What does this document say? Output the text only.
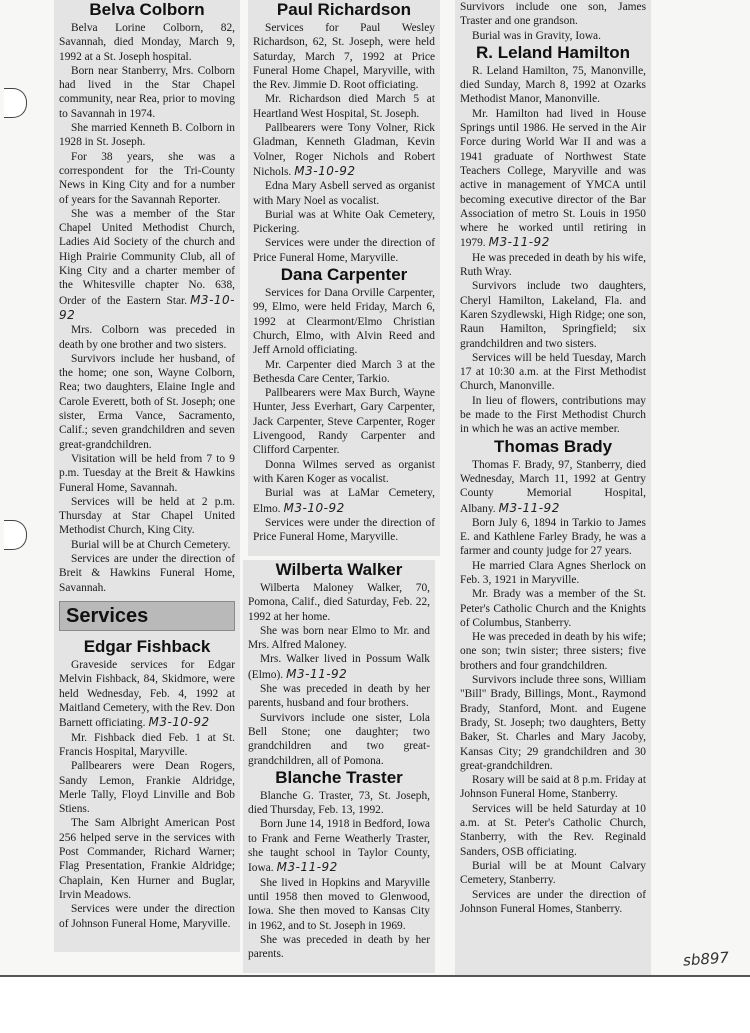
Belva Colborn

Belva Lorine Colborn, 82, Savannah, died Monday, March 9, 1992 at a St. Joseph hospital.

Born near Stanberry, Mrs. Colborn had lived in the Star Chapel community, near Rea, prior to moving to Savannah in 1974.

She married Kenneth B. Colborn in 1928 in St. Joseph.

For 38 years, she was a correspondent for the Tri-County News in King City and for a number of years for the Savannah Reporter.

She was a member of the Star Chapel United Methodist Church, Ladies Aid Society of the church and High Prairie Community Club, all of King City and a charter member of the Whitesville chapter No. 638, Order of the Eastern Star. M3-10-92

Mrs. Colborn was preceded in death by one brother and two sisters.

Survivors include her husband, of the home; one son, Wayne Colborn, Rea; two daughters, Elaine Ingle and Carole Everett, both of St. Joseph; one sister, Erma Vance, Sacramento, Calif.; seven grandchildren and seven great-grandchildren.

Visitation will be held from 7 to 9 p.m. Tuesday at the Breit & Hawkins Funeral Home, Savannah.

Services will be held at 2 p.m. Thursday at Star Chapel United Methodist Church, King City.

Burial will be at Church Cemetery.

Services are under the direction of Breit & Hawkins Funeral Home, Savannah.

Services
Edgar Fishback

Graveside services for Edgar Melvin Fishback, 84, Skidmore, were held Wednesday, Feb. 4, 1992 at Maitland Cemetery, with the Rev. Don Barnett officiating. M3-10-92

Mr. Fishback died Feb. 1 at St. Francis Hospital, Maryville.

Pallbearers were Dean Rogers, Sandy Lemon, Frankie Aldridge, Merle Tally, Floyd Linville and Bob Stiens.

The Sam Albright American Post 256 helped serve in the services with Post Commander, Richard Warner; Flag Presentation, Frankie Aldridge; Chaplain, Ken Hurner and Buglar, Irvin Meadows.

Services were under the direction of Johnson Funeral Home, Maryville.

Paul Richardson

Services for Paul Wesley Richardson, 62, St. Joseph, were held Saturday, March 7, 1992 at Price Funeral Home Chapel, Maryville, with the Rev. Jimmie D. Root officiating.

Mr. Richardson died March 5 at Heartland West Hospital, St. Joseph.

Pallbearers were Tony Volner, Rick Gladman, Kenneth Gladman, Kevin Volner, Roger Nichols and Robert Nichols. M3-10-92

Edna Mary Asbell served as organist with Mary Noel as vocalist.

Burial was at White Oak Cemetery, Pickering.

Services were under the direction of Price Funeral Home, Maryville.

Dana Carpenter

Services for Dana Orville Carpenter, 99, Elmo, were held Friday, March 6, 1992 at Clearmont/Elmo Christian Church, Elmo, with Alvin Reed and Jeff Arnold officiating.

Mr. Carpenter died March 3 at the Bethesda Care Center, Tarkio.

Pallbearers were Max Burch, Wayne Hunter, Jess Everhart, Gary Carpenter, Jack Carpenter, Steve Carpenter, Roger Livengood, Randy Carpenter and Clifford Carpenter.

Donna Wilmes served as organist with Karen Koger as vocalist.

Burial was at LaMar Cemetery, Elmo. M3-10-92

Services were under the direction of Price Funeral Home, Maryville.

Wilberta Walker

Wilberta Maloney Walker, 70, Pomona, Calif., died Saturday, Feb. 22, 1992 at her home.

She was born near Elmo to Mr. and Mrs. Alfred Maloney.

Mrs. Walker lived in Possum Walk (Elmo). M3-11-92

She was preceded in death by her parents, husband and four brothers.

Survivors include one sister, Lola Bell Stone; one daughter; two grandchildren and two great-grandchildren, all of Pomona.

Blanche Traster

Blanche G. Traster, 73, St. Joseph, died Thursday, Feb. 13, 1992.

Born June 14, 1918 in Bedford, Iowa to Frank and Ferne Weatherly Traster, she taught school in Taylor County, Iowa. M3-11-92

She lived in Hopkins and Maryville until 1958 then moved to Glenwood, Iowa. She then moved to Kansas City in 1962, and to St. Joseph in 1969.

She was preceded in death by her parents.

Survivors include one son, James Traster and one grandson.

Burial was in Gravity, Iowa.

R. Leland Hamilton

R. Leland Hamilton, 75, Manonville, died Sunday, March 8, 1992 at Ozarks Methodist Manor, Manonville.

Mr. Hamilton had lived in House Springs until 1986. He served in the Air Force during World War II and was a 1941 graduate of Northwest State Teachers College, Maryville and was active in management of YMCA until becoming executive director of the Bar Association of metro St. Louis in 1950 where he worked until retiring in 1979. M3-11-92

He was preceded in death by his wife, Ruth Wray.

Survivors include two daughters, Cheryl Hamilton, Lakeland, Fla. and Karen Szydlewski, High Ridge; one son, Raun Hamilton, Springfield; six grandchildren and two sisters.

Services will be held Tuesday, March 17 at 10:30 a.m. at the First Methodist Church, Manonville.

In lieu of flowers, contributions may be made to the First Methodist Church in which he was an active member.

Thomas Brady

Thomas F. Brady, 97, Stanberry, died Wednesday, March 11, 1992 at Gentry County Memorial Hospital, Albany. M3-11-92

Born July 6, 1894 in Tarkio to James E. and Kathlene Farley Brady, he was a farmer and county judge for 27 years.

He married Clara Agnes Sherlock on Feb. 3, 1921 in Maryville.

Mr. Brady was a member of the St. Peter's Catholic Church and the Knights of Columbus, Stanberry.

He was preceded in death by his wife; one son; twin sister; three sisters; five brothers and four grandchildren.

Survivors include three sons, William "Bill" Brady, Billings, Mont., Raymond Brady, Stanford, Mont. and Eugene Brady, St. Joseph; two daughters, Betty Baker, St. Charles and Mary Jacoby, Kansas City; 29 grandchildren and 30 great-grandchildren.

Rosary will be said at 8 p.m. Friday at Johnson Funeral Home, Stanberry.

Services will be held Saturday at 10 a.m. at St. Peter's Catholic Church, Stanberry, with the Rev. Reginald Sanders, OSB officiating.

Burial will be at Mount Calvary Cemetery, Stanberry.

Services are under the direction of Johnson Funeral Homes, Stanberry.

sb897
